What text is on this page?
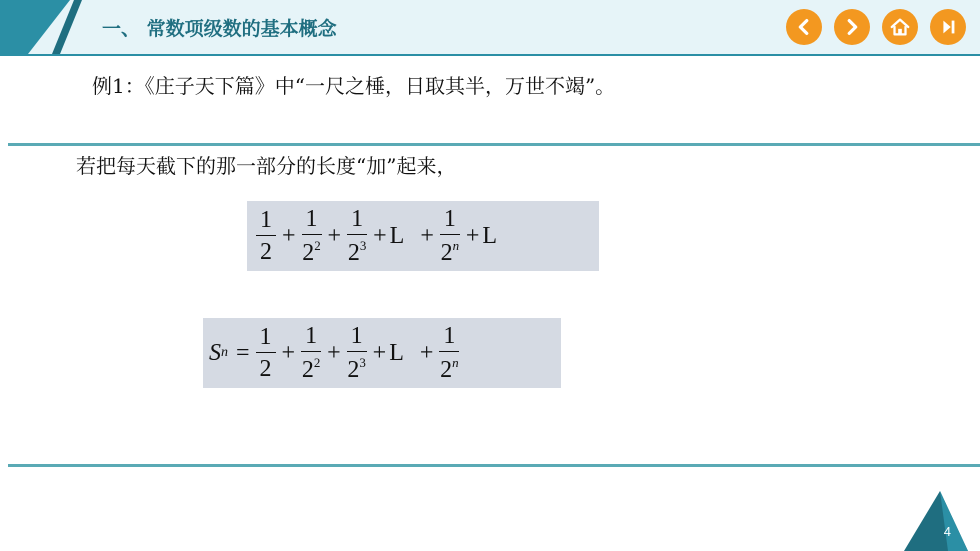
一、 常数项级数的基本概念
例1：《庄子天下篇》中“一尺之棰，日取其半，万世不竭”。
若把每天截下的那一部分的长度“加”起来，
$\frac{1}{2} + \frac{1}{2^2} + \frac{1}{2^3} + L + \frac{1}{2^n} + L$
S $n = \frac{1}{2} + \frac{1}{2^2} + \frac{1}{2^3} + L + \frac{1}{2^n}$
4
